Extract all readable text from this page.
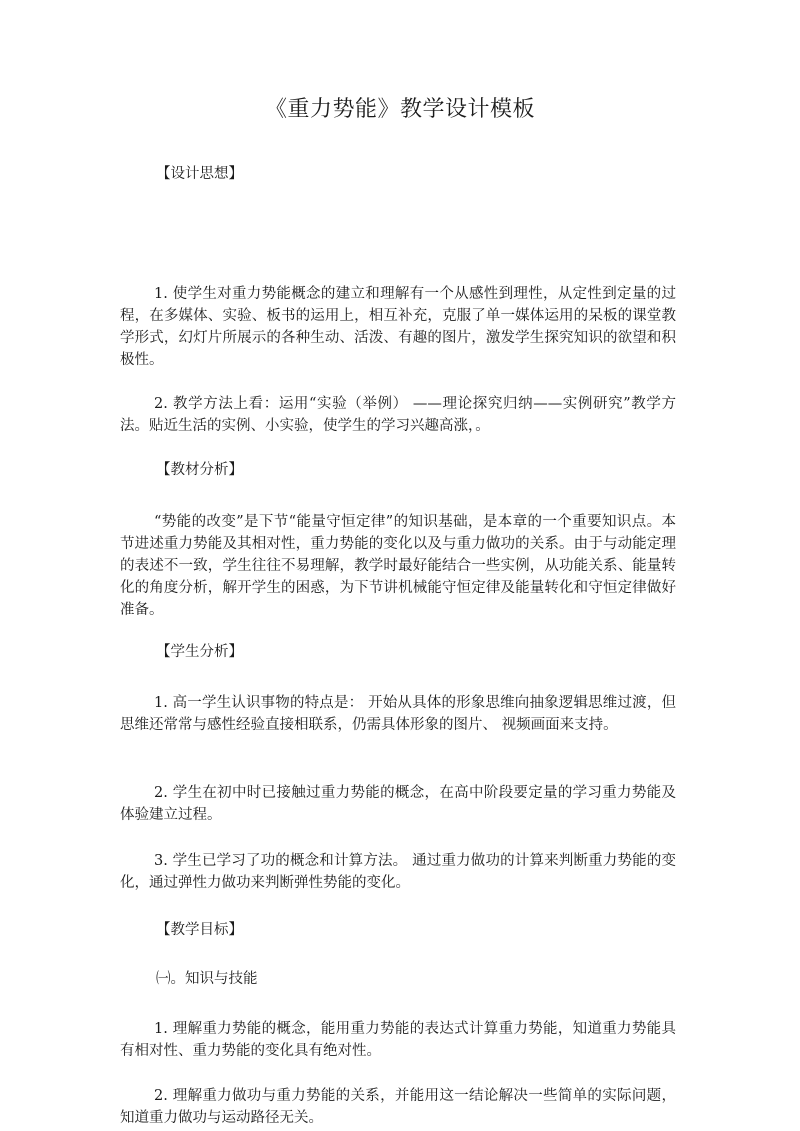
《重力势能》教学设计模板
【设计思想】
1. 使学生对重力势能概念的建立和理解有一个从感性到理性，从定性到定量的过程，在多媒体、实验、板书的运用上，相互补充，克服了单一媒体运用的呆板的课堂教学形式，幻灯片所展示的各种生动、活泼、有趣的图片，激发学生探究知识的欲望和积极性。
2. 教学方法上看：运用“实验（举例） ——理论探究归纳——实例研究”教学方法。贴近生活的实例、小实验，使学生的学习兴趣高涨，。
【教材分析】
“势能的改变”是下节“能量守恒定律”的知识基础，是本章的一个重要知识点。本节进述重力势能及其相对性，重力势能的变化以及与重力做功的关系。由于与动能定理的表述不一致，学生往往不易理解，教学时最好能结合一些实例，从功能关系、能量转化的角度分析，解开学生的困惑，为下节讲机械能守恒定律及能量转化和守恒定律做好准备。
【学生分析】
1. 高一学生认识事物的特点是： 开始从具体的形象思维向抽象逻辑思维过渡，但思维还常常与感性经验直接相联系，仍需具体形象的图片、 视频画面来支持。
2. 学生在初中时已接触过重力势能的概念，在高中阶段要定量的学习重力势能及体验建立过程。
3. 学生已学习了功的概念和计算方法。 通过重力做功的计算来判断重力势能的变化，通过弹性力做功来判断弹性势能的变化。
【教学目标】
㈠。知识与技能
1. 理解重力势能的概念，能用重力势能的表达式计算重力势能，知道重力势能具有相对性、重力势能的变化具有绝对性。
2. 理解重力做功与重力势能的关系，并能用这一结论解决一些简单的实际问题，知道重力做功与运动路径无关。
